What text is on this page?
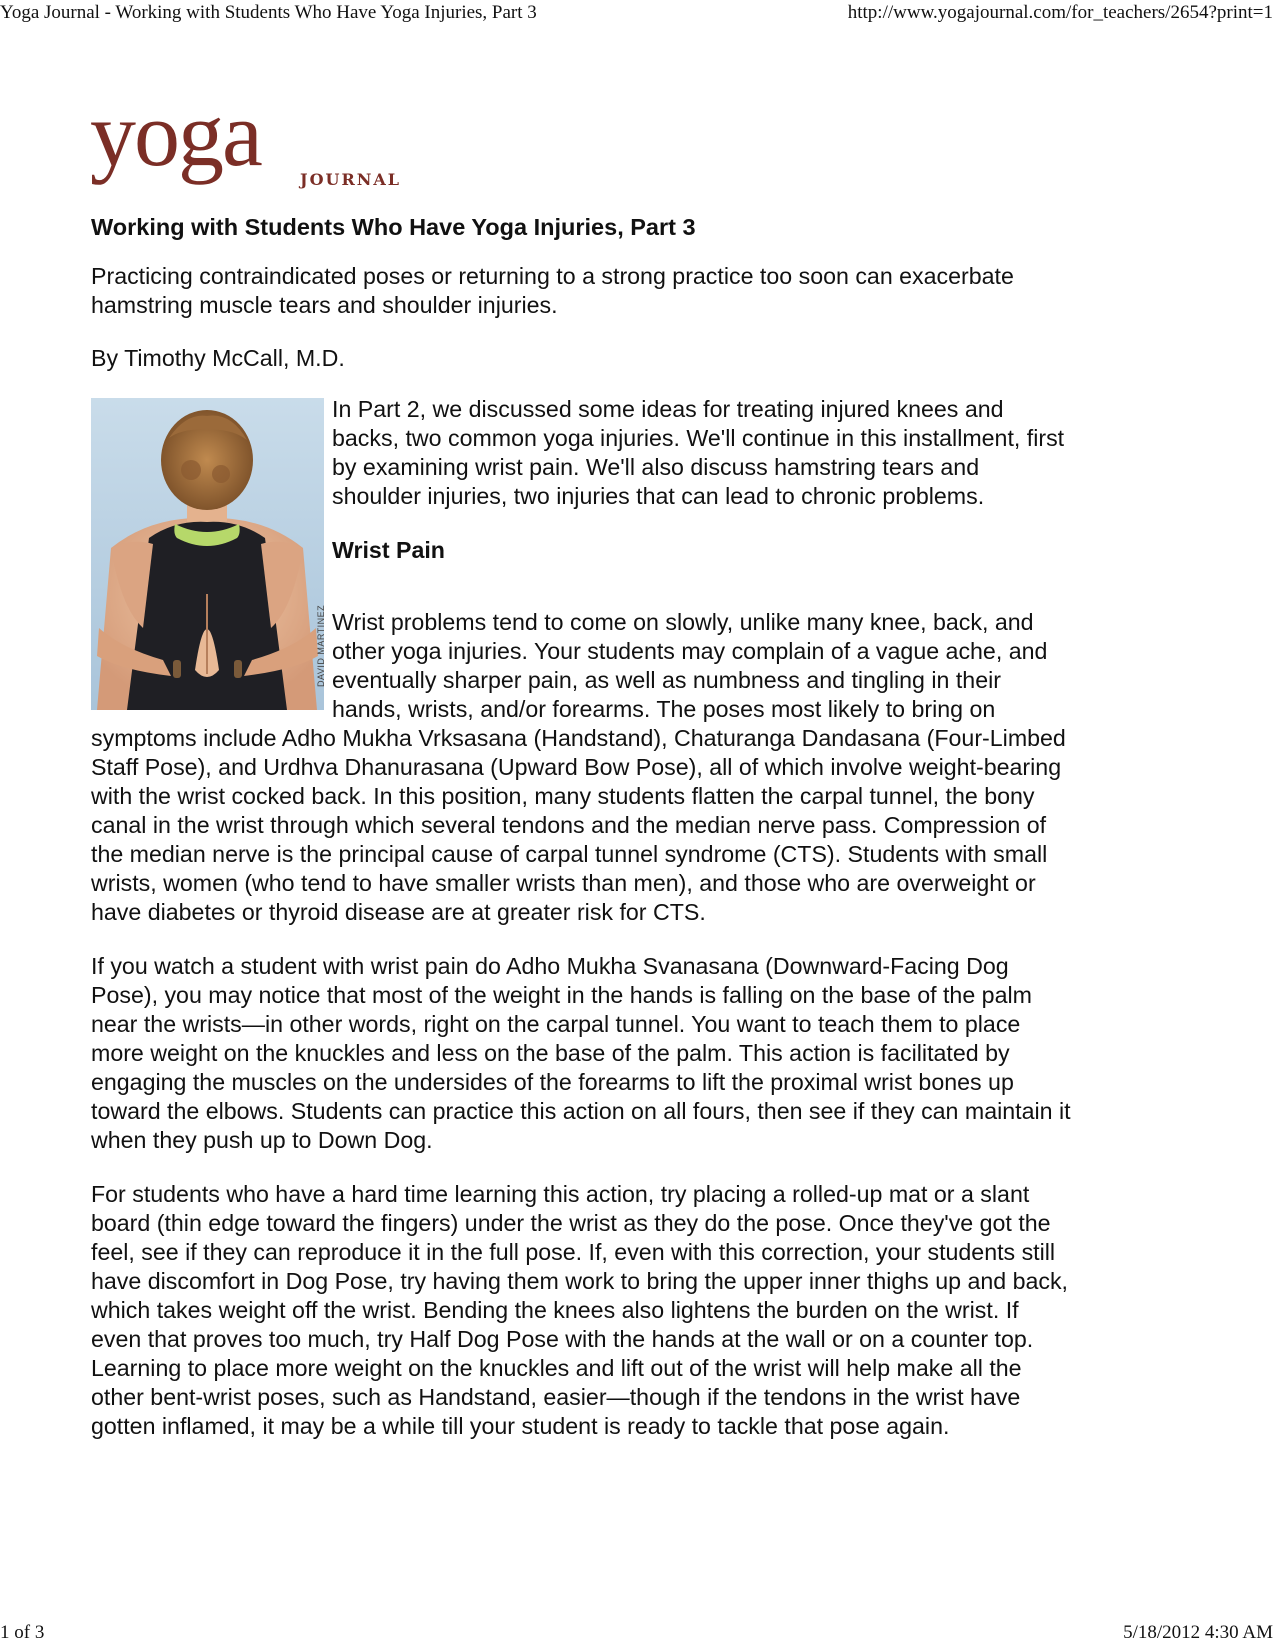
Yoga Journal - Working with Students Who Have Yoga Injuries, Part 3	http://www.yogajournal.com/for_teachers/2654?print=1
yoga JOURNAL
Working with Students Who Have Yoga Injuries, Part 3
Practicing contraindicated poses or returning to a strong practice too soon can exacerbate hamstring muscle tears and shoulder injuries.
By Timothy McCall, M.D.
DAVID MARTINEZ

In Part 2, we discussed some ideas for treating injured knees and backs, two common yoga injuries. We'll continue in this installment, first by examining wrist pain. We'll also discuss hamstring tears and shoulder injuries, two injuries that can lead to chronic problems.

Wrist Pain

Wrist problems tend to come on slowly, unlike many knee, back, and other yoga injuries. Your students may complain of a vague ache, and eventually sharper pain, as well as numbness and tingling in their hands, wrists, and/or forearms. The poses most likely to bring on symptoms include Adho Mukha Vrksasana (Handstand), Chaturanga Dandasana (Four-Limbed Staff Pose), and Urdhva Dhanurasana (Upward Bow Pose), all of which involve weight-bearing with the wrist cocked back. In this position, many students flatten the carpal tunnel, the bony canal in the wrist through which several tendons and the median nerve pass. Compression of the median nerve is the principal cause of carpal tunnel syndrome (CTS). Students with small wrists, women (who tend to have smaller wrists than men), and those who are overweight or have diabetes or thyroid disease are at greater risk for CTS.

If you watch a student with wrist pain do Adho Mukha Svanasana (Downward-Facing Dog Pose), you may notice that most of the weight in the hands is falling on the base of the palm near the wrists—in other words, right on the carpal tunnel. You want to teach them to place more weight on the knuckles and less on the base of the palm. This action is facilitated by engaging the muscles on the undersides of the forearms to lift the proximal wrist bones up toward the elbows. Students can practice this action on all fours, then see if they can maintain it when they push up to Down Dog.

For students who have a hard time learning this action, try placing a rolled-up mat or a slant board (thin edge toward the fingers) under the wrist as they do the pose. Once they've got the feel, see if they can reproduce it in the full pose. If, even with this correction, your students still have discomfort in Dog Pose, try having them work to bring the upper inner thighs up and back, which takes weight off the wrist. Bending the knees also lightens the burden on the wrist. If even that proves too much, try Half Dog Pose with the hands at the wall or on a counter top. Learning to place more weight on the knuckles and lift out of the wrist will help make all the other bent-wrist poses, such as Handstand, easier—though if the tendons in the wrist have gotten inflamed, it may be a while till your student is ready to tackle that pose again.

1 of 3	5/18/2012 4:30 AM
